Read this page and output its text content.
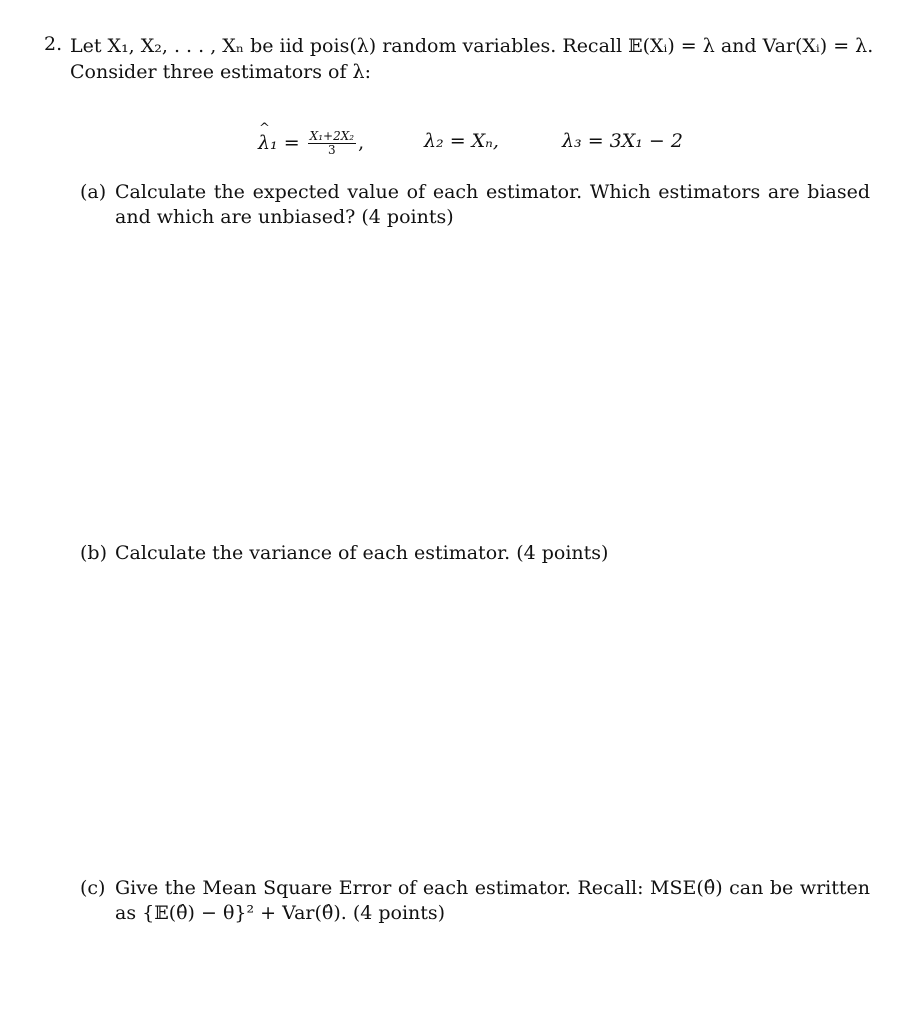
2. Let X₁, X₂, . . . , Xₙ be iid pois(λ) random variables. Recall 𝔼(Xᵢ) = λ and Var(Xᵢ) = λ.
Consider three estimators of λ:
^ $\lambda_1 = \frac{\text{X₁+2X₂}}{3}$ ,	λ₂ = Xₙ,	λ₃ = 3X₁ − 2
(a) Calculate the expected value of each estimator. Which estimators are biased and which are unbiased? (4 points)
(b) Calculate the variance of each estimator. (4 points)
(c) Give the Mean Square Error of each estimator. Recall: MSE(θ̂) can be written as {𝔼(θ̂) − θ}² + Var(θ̂). (4 points)
